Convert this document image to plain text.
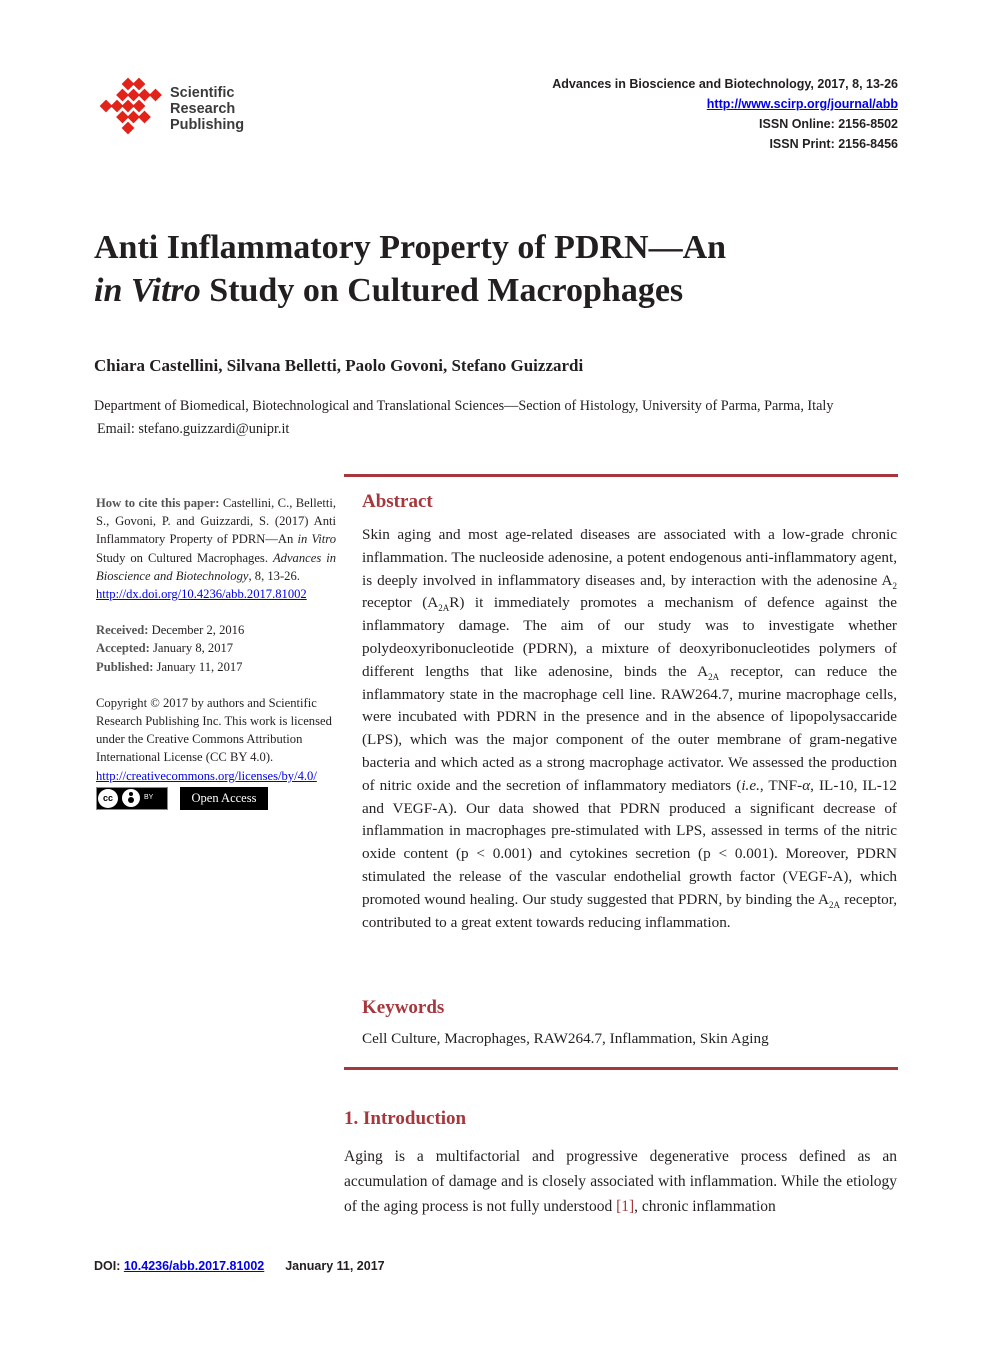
Scientific
Research
Publishing
Advances in Bioscience and Biotechnology, 2017, 8, 13-26
http://www.scirp.org/journal/abb
ISSN Online: 2156-8502
ISSN Print: 2156-8456
Anti Inflammatory Property of PDRN—An
in Vitro Study on Cultured Macrophages
Chiara Castellini, Silvana Belletti, Paolo Govoni, Stefano Guizzardi
Department of Biomedical, Biotechnological and Translational Sciences—Section of Histology, University of Parma, Parma, Italy
Email: stefano.guizzardi@unipr.it
How to cite this paper: Castellini, C., Belletti, S., Govoni, P. and Guizzardi, S. (2017) Anti Inflammatory Property of PDRN—An in Vitro Study on Cultured Macrophages. Advances in Bioscience and Biotechnology, 8, 13-26.
http://dx.doi.org/10.4236/abb.2017.81002
Received: December 2, 2016
Accepted: January 8, 2017
Published: January 11, 2017
Copyright © 2017 by authors and Scientific Research Publishing Inc. This work is licensed under the Creative Commons Attribution International License (CC BY 4.0).
http://creativecommons.org/licenses/by/4.0/
cc	BY	Open Access
Abstract
Skin aging and most age-related diseases are associated with a low-grade chronic inflammation. The nucleoside adenosine, a potent endogenous anti-inflammatory agent, is deeply involved in inflammatory diseases and, by interaction with the adenosine $A_2$ receptor $(A_{2A}R)$ it immediately promotes a mechanism of defence against the inflammatory damage. The aim of our study was to investigate whether polydeoxyribonucleotide (PDRN), a mixture of deoxyribonucleotides polymers of different lengths that like adenosine, binds the $A_{2A}$ receptor, can reduce the inflammatory state in the macrophage cell line. RAW264.7, murine macrophage cells, were incubated with PDRN in the presence and in the absence of lipopolysaccaride (LPS), which was the major component of the outer membrane of gram-negative bacteria and which acted as a strong macrophage activator. We assessed the production of nitric oxide and the secretion of inflammatory mediators (i.e., TNF-α, IL-10, IL-12 and VEGF-A). Our data showed that PDRN produced a significant decrease of inflammation in macrophages pre-stimulated with LPS, assessed in terms of the nitric oxide content (p < 0.001) and cytokines secretion (p < 0.001). Moreover, PDRN stimulated the release of the vascular endothelial growth factor (VEGF-A), which promoted wound healing. Our study suggested that PDRN, by binding the $A_{2A}$ receptor, contributed to a great extent towards reducing inflammation.
Keywords
Cell Culture, Macrophages, RAW264.7, Inflammation, Skin Aging
1. Introduction
Aging is a multifactorial and progressive degenerative process defined as an accumulation of damage and is closely associated with inflammation. While the etiology of the aging process is not fully understood [1], chronic inflammation
DOI: 10.4236/abb.2017.81002 January 11, 2017
